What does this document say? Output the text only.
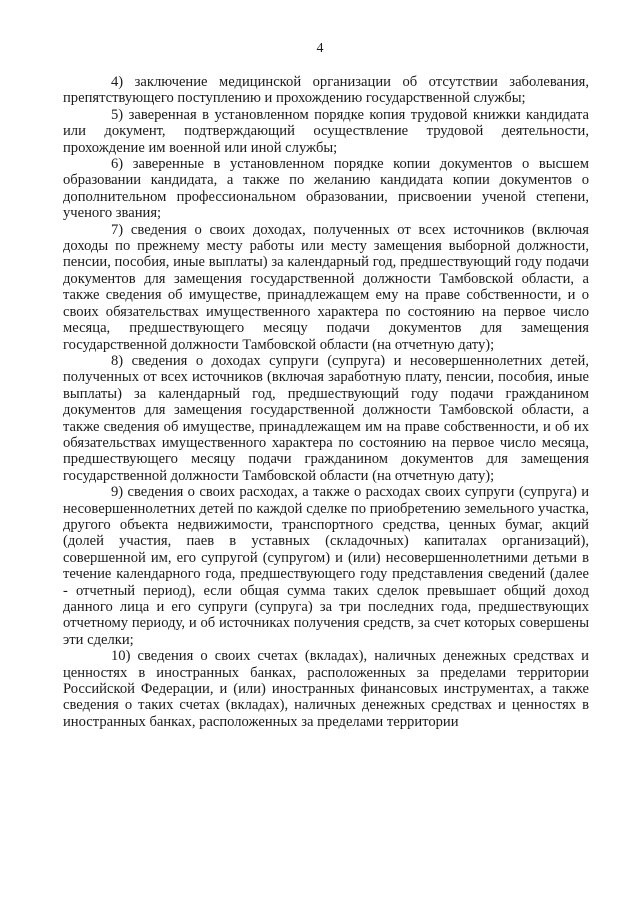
4

4) заключение медицинской организации об отсутствии заболевания, препятствующего поступлению и прохождению государственной службы;

5) заверенная в установленном порядке копия трудовой книжки кандидата или документ, подтверждающий осуществление трудовой деятельности, прохождение им военной или иной службы;

6) заверенные в установленном порядке копии документов о высшем образовании кандидата, а также по желанию кандидата копии документов о дополнительном профессиональном образовании, присвоении ученой степени, ученого звания;

7) сведения о своих доходах, полученных от всех источников (включая доходы по прежнему месту работы или месту замещения выборной должности, пенсии, пособия, иные выплаты) за календарный год, предшествующий году подачи документов для замещения государственной должности Тамбовской области, а также сведения об имуществе, принадлежащем ему на праве собственности, и о своих обязательствах имущественного характера по состоянию на первое число месяца, предшествующего месяцу подачи документов для замещения государственной должности Тамбовской области (на отчетную дату);

8) сведения о доходах супруги (супруга) и несовершеннолетних детей, полученных от всех источников (включая заработную плату, пенсии, пособия, иные выплаты) за календарный год, предшествующий году подачи гражданином документов для замещения государственной должности Тамбовской области, а также сведения об имуществе, принадлежащем им на праве собственности, и об их обязательствах имущественного характера по состоянию на первое число месяца, предшествующего месяцу подачи гражданином документов для замещения государственной должности Тамбовской области (на отчетную дату);

9) сведения о своих расходах, а также о расходах своих супруги (супруга) и несовершеннолетних детей по каждой сделке по приобретению земельного участка, другого объекта недвижимости, транспортного средства, ценных бумаг, акций (долей участия, паев в уставных (складочных) капиталах организаций), совершенной им, его супругой (супругом) и (или) несовершеннолетними детьми в течение календарного года, предшествующего году представления сведений (далее - отчетный период), если общая сумма таких сделок превышает общий доход данного лица и его супруги (супруга) за три последних года, предшествующих отчетному периоду, и об источниках получения средств, за счет которых совершены эти сделки;

10) сведения о своих счетах (вкладах), наличных денежных средствах и ценностях в иностранных банках, расположенных за пределами территории Российской Федерации, и (или) иностранных финансовых инструментах, а также сведения о таких счетах (вкладах), наличных денежных средствах и ценностях в иностранных банках, расположенных за пределами территории
